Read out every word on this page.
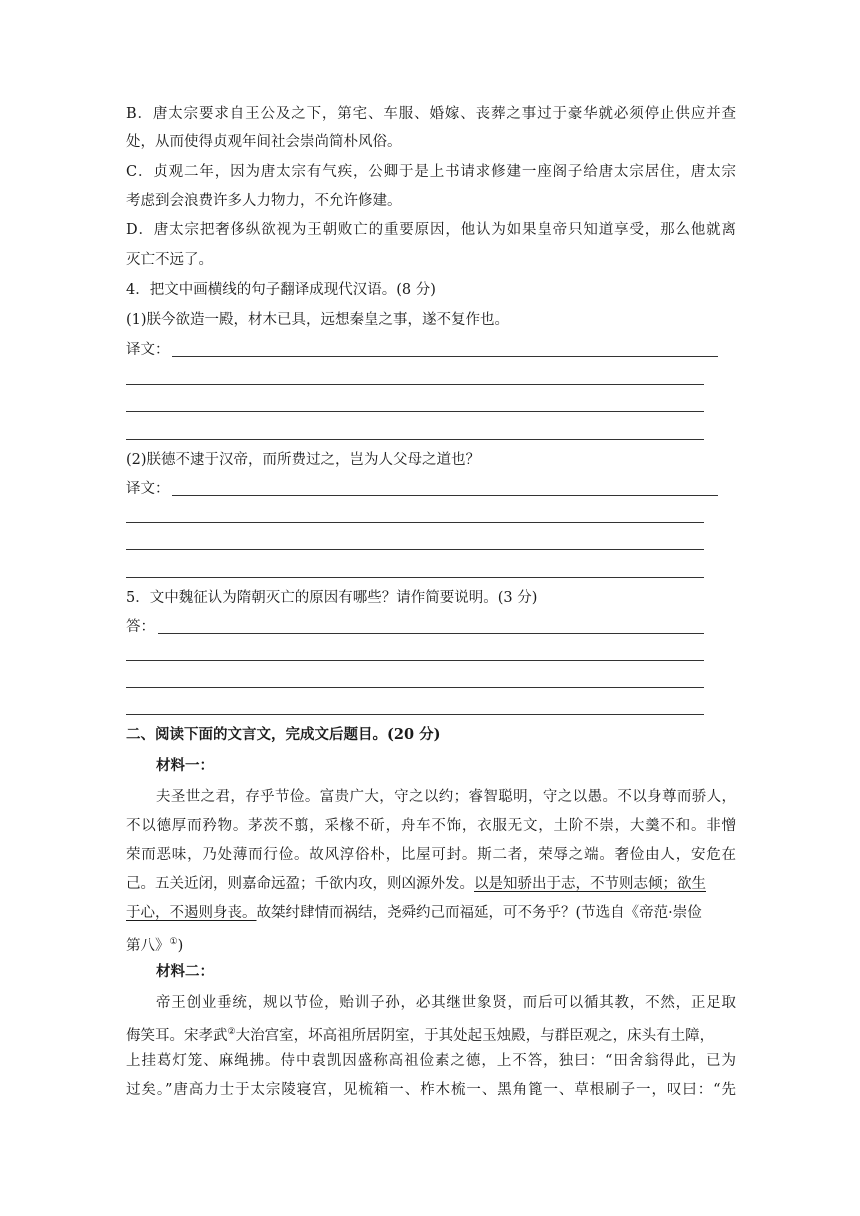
B．唐太宗要求自王公及之下，第宅、车服、婚嫁、丧葬之事过于豪华就必须停止供应并查
处，从而使得贞观年间社会崇尚简朴风俗。
C．贞观二年，因为唐太宗有气疾，公卿于是上书请求修建一座阁子给唐太宗居住，唐太宗
考虑到会浪费许多人力物力，不允许修建。
D．唐太宗把奢侈纵欲视为王朝败亡的重要原因，他认为如果皇帝只知道享受，那么他就离
灭亡不远了。
4．把文中画横线的句子翻译成现代汉语。(8 分)
(1)朕今欲造一殿，材木已具，远想秦皇之事，遂不复作也。
译文：
(2)朕德不逮于汉帝，而所费过之，岂为人父母之道也？
译文：
5．文中魏征认为隋朝灭亡的原因有哪些？请作简要说明。(3 分)
答：
二、阅读下面的文言文，完成文后题目。(20 分)
材料一：
夫圣世之君，存乎节俭。富贵广大，守之以约；睿智聪明，守之以愚。不以身尊而骄人，
不以德厚而矜物。茅茨不翦，采椽不斫，舟车不饰，衣服无文，土阶不崇，大羹不和。非憎
荣而恶味，乃处薄而行俭。故风淳俗朴，比屋可封。斯二者，荣辱之端。奢俭由人，安危在
己。五关近闭，则嘉命远盈；千欲内攻，则凶源外发。以是知骄出于志，不节则志倾；欲生
于心，不遏则身丧。故桀纣肆情而祸结，尧舜约己而福延，可不务乎？(节选自《帝范·崇俭
第八》①)
材料二：
帝王创业垂统，规以节俭，贻训子孙，必其继世象贤，而后可以循其教，不然，正足取
侮笑耳。宋孝武②大治宫室，坏高祖所居阴室，于其处起玉烛殿，与群臣观之，床头有土障，
上挂葛灯笼、麻绳拂。侍中袁凯因盛称高祖俭素之德，上不答，独曰：“田舍翁得此，已为
过矣。”唐高力士于太宗陵寝宫，见梳箱一、柞木梳一、黑角篦一、草根刷子一，叹曰：“先
